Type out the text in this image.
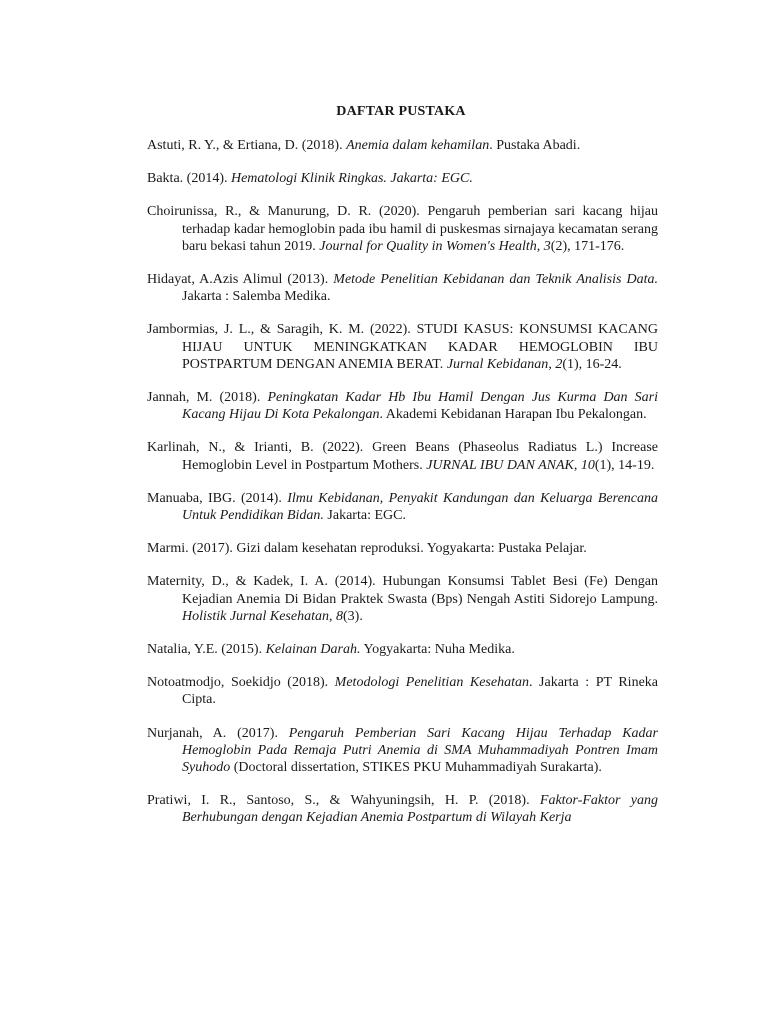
DAFTAR PUSTAKA

Astuti, R. Y., & Ertiana, D. (2018). Anemia dalam kehamilan. Pustaka Abadi.

Bakta. (2014). Hematologi Klinik Ringkas. Jakarta: EGC.

Choirunissa, R., & Manurung, D. R. (2020). Pengaruh pemberian sari kacang hijau terhadap kadar hemoglobin pada ibu hamil di puskesmas sirnajaya kecamatan serang baru bekasi tahun 2019. Journal for Quality in Women's Health, 3(2), 171-176.

Hidayat, A.Azis Alimul (2013). Metode Penelitian Kebidanan dan Teknik Analisis Data. Jakarta : Salemba Medika.

Jambormias, J. L., & Saragih, K. M. (2022). STUDI KASUS: KONSUMSI KACANG HIJAU UNTUK MENINGKATKAN KADAR HEMOGLOBIN IBU POSTPARTUM DENGAN ANEMIA BERAT. Jurnal Kebidanan, 2(1), 16-24.

Jannah, M. (2018). Peningkatan Kadar Hb Ibu Hamil Dengan Jus Kurma Dan Sari Kacang Hijau Di Kota Pekalongan. Akademi Kebidanan Harapan Ibu Pekalongan.

Karlinah, N., & Irianti, B. (2022). Green Beans (Phaseolus Radiatus L.) Increase Hemoglobin Level in Postpartum Mothers. JURNAL IBU DAN ANAK, 10(1), 14-19.

Manuaba, IBG. (2014). Ilmu Kebidanan, Penyakit Kandungan dan Keluarga Berencana Untuk Pendidikan Bidan. Jakarta: EGC.

Marmi. (2017). Gizi dalam kesehatan reproduksi. Yogyakarta: Pustaka Pelajar.

Maternity, D., & Kadek, I. A. (2014). Hubungan Konsumsi Tablet Besi (Fe) Dengan Kejadian Anemia Di Bidan Praktek Swasta (Bps) Nengah Astiti Sidorejo Lampung. Holistik Jurnal Kesehatan, 8(3).

Natalia, Y.E. (2015). Kelainan Darah. Yogyakarta: Nuha Medika.

Notoatmodjo, Soekidjo (2018). Metodologi Penelitian Kesehatan. Jakarta : PT Rineka Cipta.

Nurjanah, A. (2017). Pengaruh Pemberian Sari Kacang Hijau Terhadap Kadar Hemoglobin Pada Remaja Putri Anemia di SMA Muhammadiyah Pontren Imam Syuhodo (Doctoral dissertation, STIKES PKU Muhammadiyah Surakarta).

Pratiwi, I. R., Santoso, S., & Wahyuningsih, H. P. (2018). Faktor-Faktor yang Berhubungan dengan Kejadian Anemia Postpartum di Wilayah Kerja
